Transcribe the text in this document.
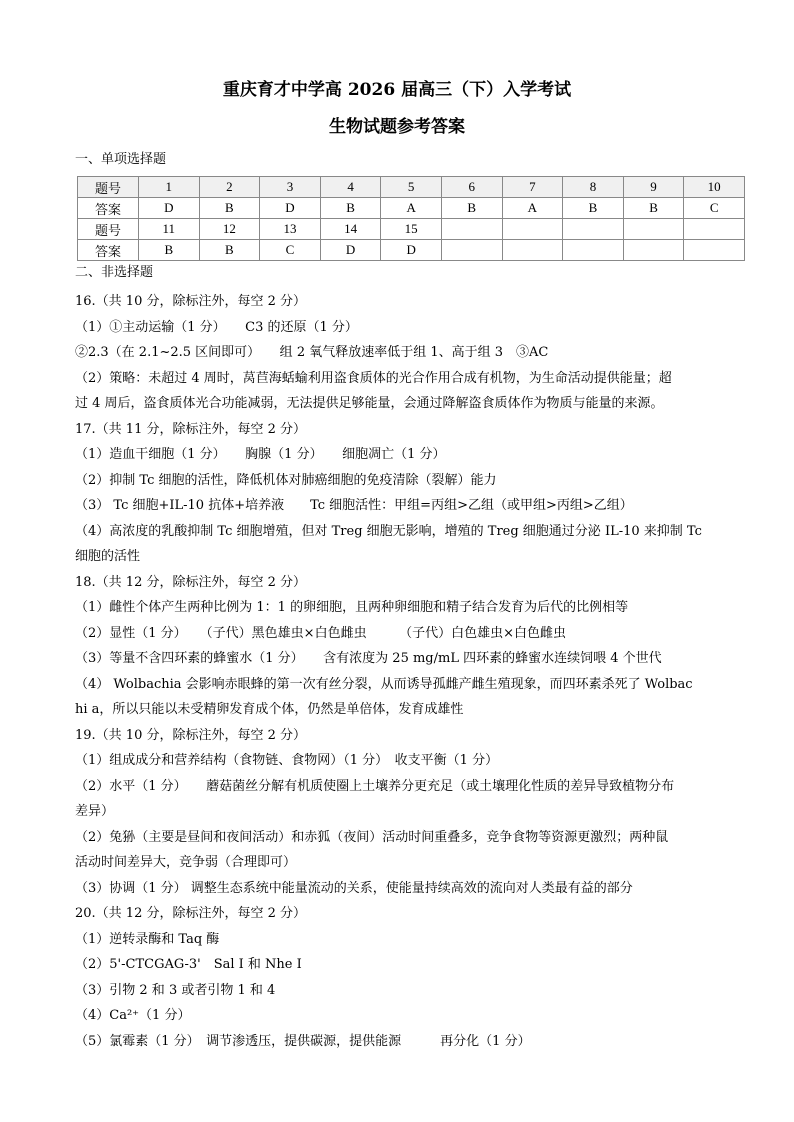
重庆育才中学高 2026 届高三（下）入学考试
生物试题参考答案
一、单项选择题
题号	1	2	3	4	5	6	7	8	9	10
答案	D	B	D	B	A	B	A	B	B	C
题号	11	12	13	14	15					
答案	B	B	C	D	D					
二、非选择题
16.（共 10 分，除标注外，每空 2 分）
（1）①主动运输（1 分）　　C3 的还原（1 分）
②2.3（在 2.1~2.5 区间即可）　　组 2 氧气释放速率低于组 1、高于组 3　③AC
（2）策略：未超过 4 周时，莴苣海蛞蝓利用盗食质体的光合作用合成有机物，为生命活动提供能量；超
过 4 周后，盗食质体光合功能减弱，无法提供足够能量，会通过降解盗食质体作为物质与能量的来源。
17.（共 11 分，除标注外，每空 2 分）
（1）造血干细胞（1 分）　　胸腺（1 分）　　细胞凋亡（1 分）
（2）抑制 Tc 细胞的活性，降低机体对肺癌细胞的免疫清除（裂解）能力
（3） Tc 细胞+IL-10 抗体+培养液　　Tc 细胞活性：甲组=丙组>乙组（或甲组>丙组>乙组）
（4）高浓度的乳酸抑制 Tc 细胞增殖，但对 Treg 细胞无影响，增殖的 Treg 细胞通过分泌 IL-10 来抑制 Tc
细胞的活性
18.（共 12 分，除标注外，每空 2 分）
（1）雌性个体产生两种比例为 1：1 的卵细胞，且两种卵细胞和精子结合发育为后代的比例相等
（2）显性（1 分）　　（子代）黑色雄虫×白色雌虫　　　（子代）白色雄虫×白色雌虫
（3）等量不含四环素的蜂蜜水（1 分）　　含有浓度为 25 mg/mL 四环素的蜂蜜水连续饲喂 4 个世代
（4） Wolbachia 会影响赤眼蜂的第一次有丝分裂，从而诱导孤雌产雌生殖现象，而四环素杀死了 Wolbac
hi a，所以只能以未受精卵发育成个体，仍然是单倍体，发育成雄性
19.（共 10 分，除标注外，每空 2 分）
（1）组成成分和营养结构（食物链、食物网）（1 分）　收支平衡（1 分）
（2）水平（1 分）　　蘑菇菌丝分解有机质使圈上土壤养分更充足（或土壤理化性质的差异导致植物分布
差异）
（2）兔狲（主要是昼间和夜间活动）和赤狐（夜间）活动时间重叠多，竞争食物等资源更激烈；两种鼠
活动时间差异大，竞争弱（合理即可）
（3）协调（1 分） 调整生态系统中能量流动的关系，使能量持续高效的流向对人类最有益的部分
20.（共 12 分，除标注外，每空 2 分）
（1）逆转录酶和 Taq 酶
（2）5'-CTCGAG-3'　Sal I 和 Nhe I
（3）引物 2 和 3 或者引物 1 和 4
（4）Ca²⁺（1 分）
（5）氯霉素（1 分）　调节渗透压，提供碳源，提供能源　　　再分化（1 分）
